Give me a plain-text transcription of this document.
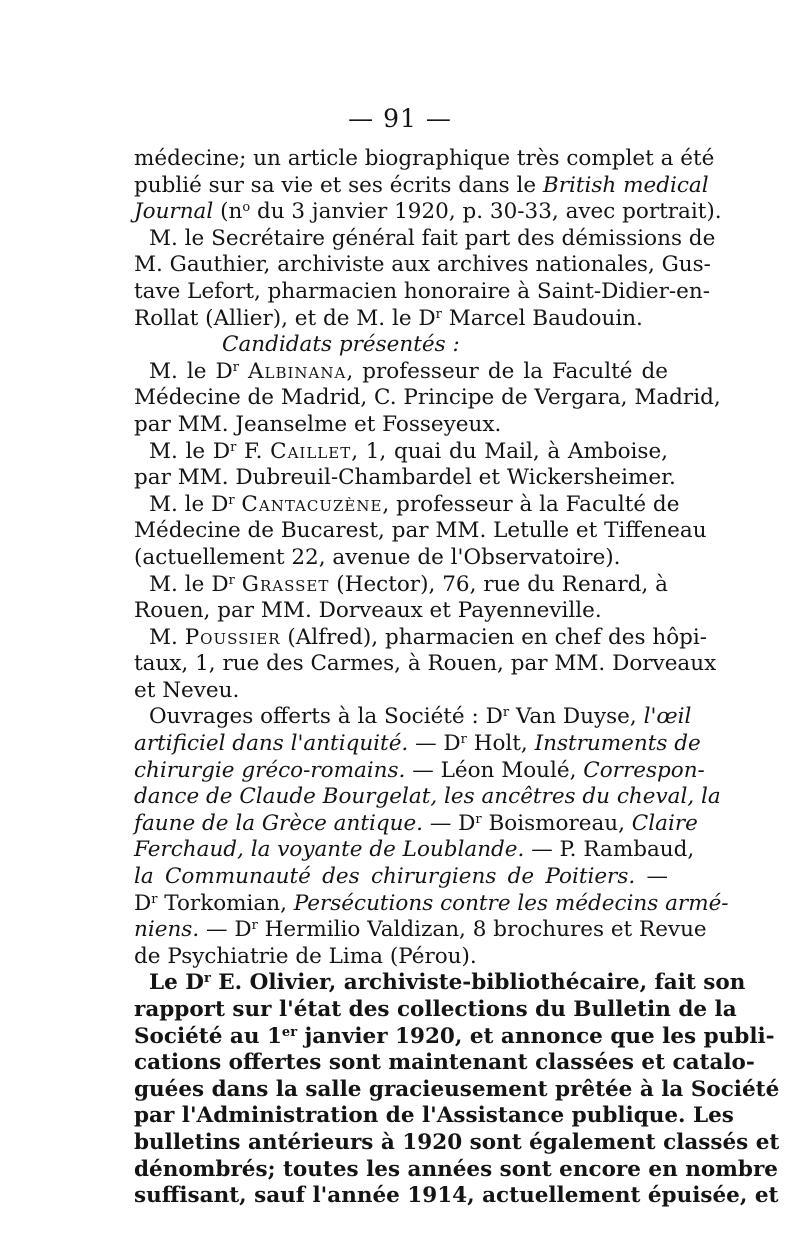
— 91 —
médecine; un article biographique très complet a été
publié sur sa vie et ses écrits dans le British medical
Journal ($n^o$ du 3 janvier 1920, p. 30-33, avec portrait).
M. le Secrétaire général fait part des démissions de
M. Gauthier, archiviste aux archives nationales, Gus-
tave Lefort, pharmacien honoraire à Saint-Didier-en-
Rollat (Allier), et de M. le $D^r$ Marcel Baudouin.
Candidats présentés :
M. le $D^r$ Albinana, professeur de la Faculté de
Médecine de Madrid, C. Principe de Vergara, Madrid,
par MM. Jeanselme et Fosseyeux.
M. le $D^r$ F. Caillet, 1, quai du Mail, à Amboise,
par MM. Dubreuil-Chambardel et Wickersheimer.
M. le $D^r$ Cantacuzène, professeur à la Faculté de
Médecine de Bucarest, par MM. Letulle et Tiffeneau
(actuellement 22, avenue de l'Observatoire).
M. le $D^r$ Grasset (Hector), 76, rue du Renard, à
Rouen, par MM. Dorveaux et Payenneville.
M. Poussier (Alfred), pharmacien en chef des hôpi-
taux, 1, rue des Carmes, à Rouen, par MM. Dorveaux
et Neveu.
Ouvrages offerts à la Société : $D^r$ Van Duyse, l'œil
artificiel dans l'antiquité. — $D^r$ Holt, Instruments de
chirurgie gréco-romains. — Léon Moulé, Correspon-
dance de Claude Bourgelat, les ancêtres du cheval, la
faune de la Grèce antique. — $D^r$ Boismoreau, Claire
Ferchaud, la voyante de Loublande. — P. Rambaud,
la Communauté des chirurgiens de Poitiers. —
$D^r$ Torkomian, Persécutions contre les médecins armé-
niens. — $D^r$ Hermilio Valdizan, 8 brochures et Revue
de Psychiatrie de Lima (Pérou).
Le $D^r$ E. Olivier, archiviste-bibliothécaire, fait son
rapport sur l'état des collections du Bulletin de la
Société au 1er janvier 1920, et annonce que les publi-
cations offertes sont maintenant classées et catalo-
guées dans la salle gracieusement prêtée à la Société
par l'Administration de l'Assistance publique. Les
bulletins antérieurs à 1920 sont également classés et
dénombrés; toutes les années sont encore en nombre
suffisant, sauf l'année 1914, actuellement épuisée, et
